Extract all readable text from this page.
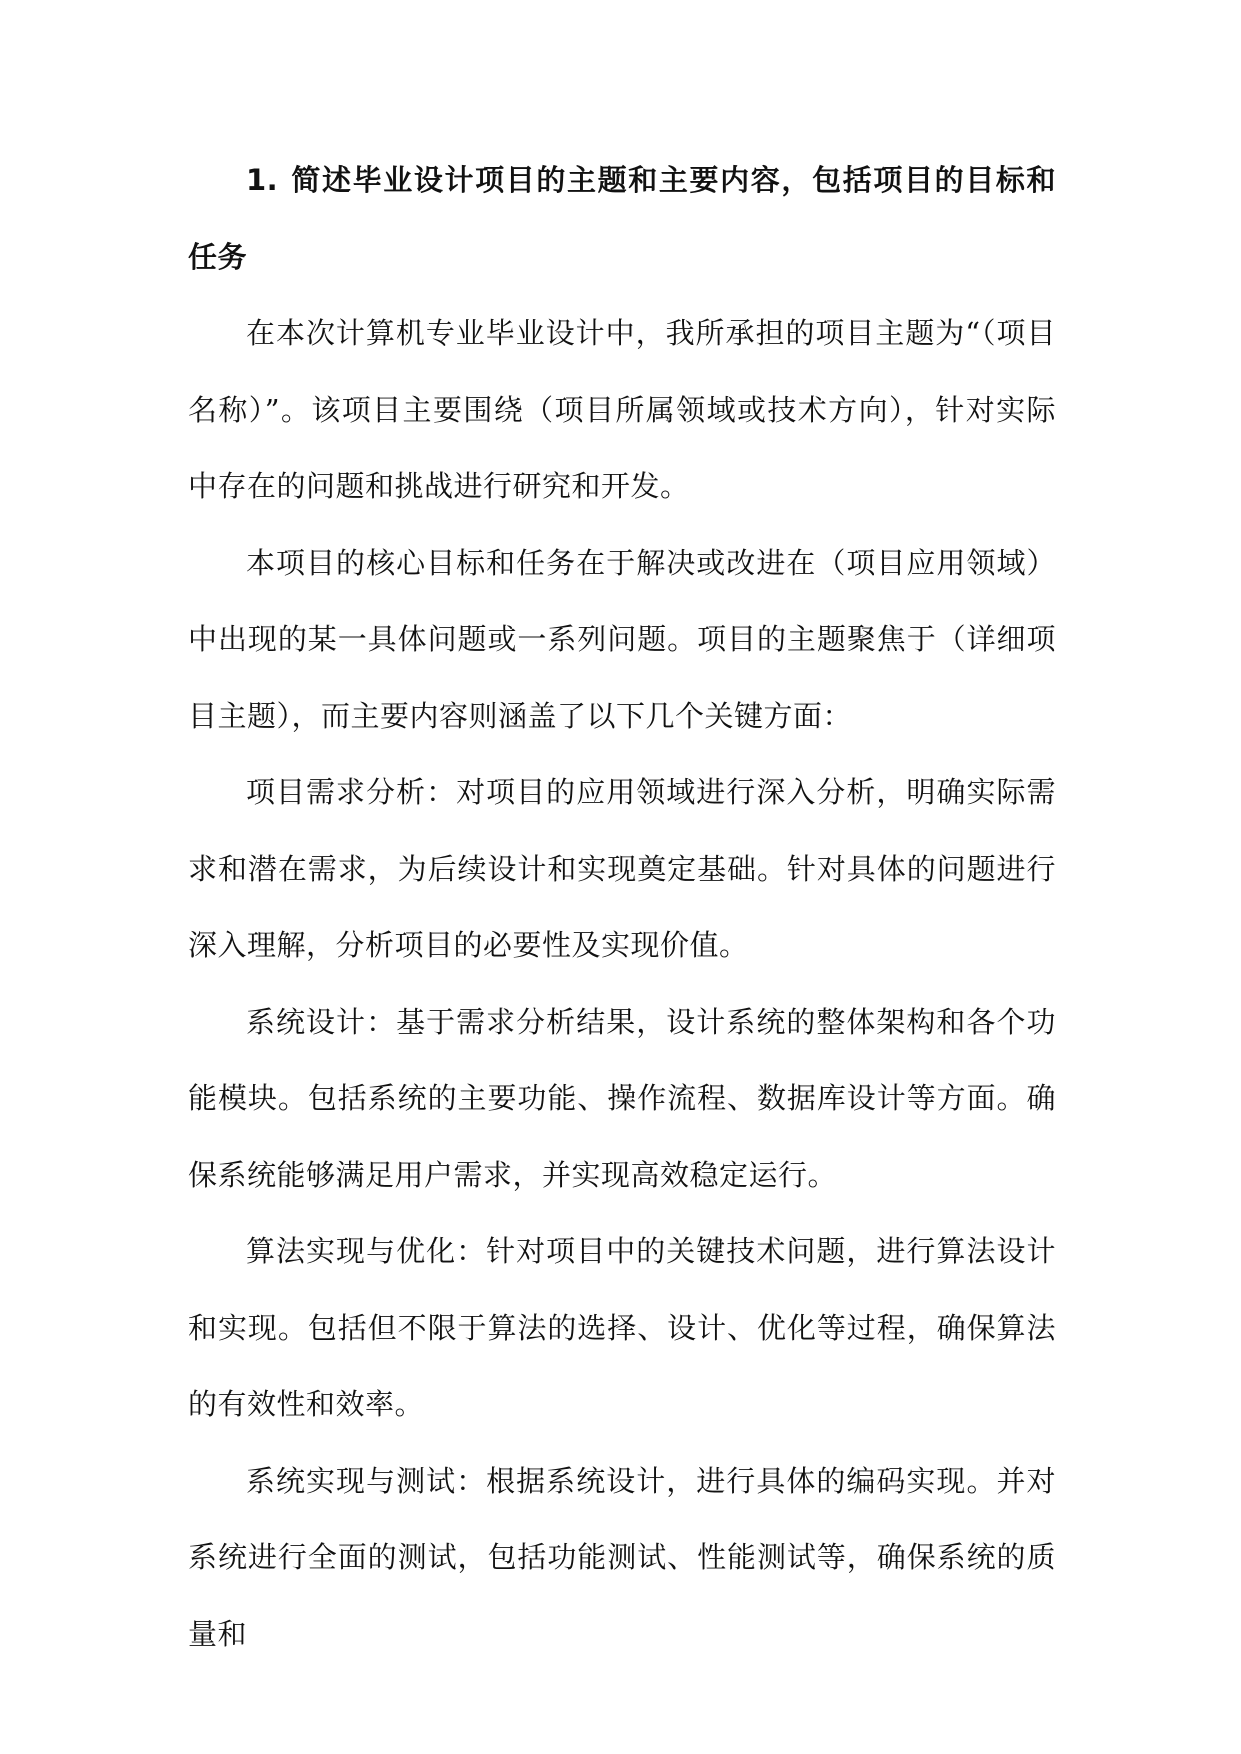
1. 简述毕业设计项目的主题和主要内容，包括项目的目标和任务

在本次计算机专业毕业设计中，我所承担的项目主题为“（项目名称）”。该项目主要围绕（项目所属领域或技术方向），针对实际中存在的问题和挑战进行研究和开发。

本项目的核心目标和任务在于解决或改进在（项目应用领域）中出现的某一具体问题或一系列问题。项目的主题聚焦于（详细项目主题），而主要内容则涵盖了以下几个关键方面：

项目需求分析：对项目的应用领域进行深入分析，明确实际需求和潜在需求，为后续设计和实现奠定基础。针对具体的问题进行深入理解，分析项目的必要性及实现价值。

系统设计：基于需求分析结果，设计系统的整体架构和各个功能模块。包括系统的主要功能、操作流程、数据库设计等方面。确保系统能够满足用户需求，并实现高效稳定运行。

算法实现与优化：针对项目中的关键技术问题，进行算法设计和实现。包括但不限于算法的选择、设计、优化等过程，确保算法的有效性和效率。

系统实现与测试：根据系统设计，进行具体的编码实现。并对系统进行全面的测试，包括功能测试、性能测试等，确保系统的质量和
